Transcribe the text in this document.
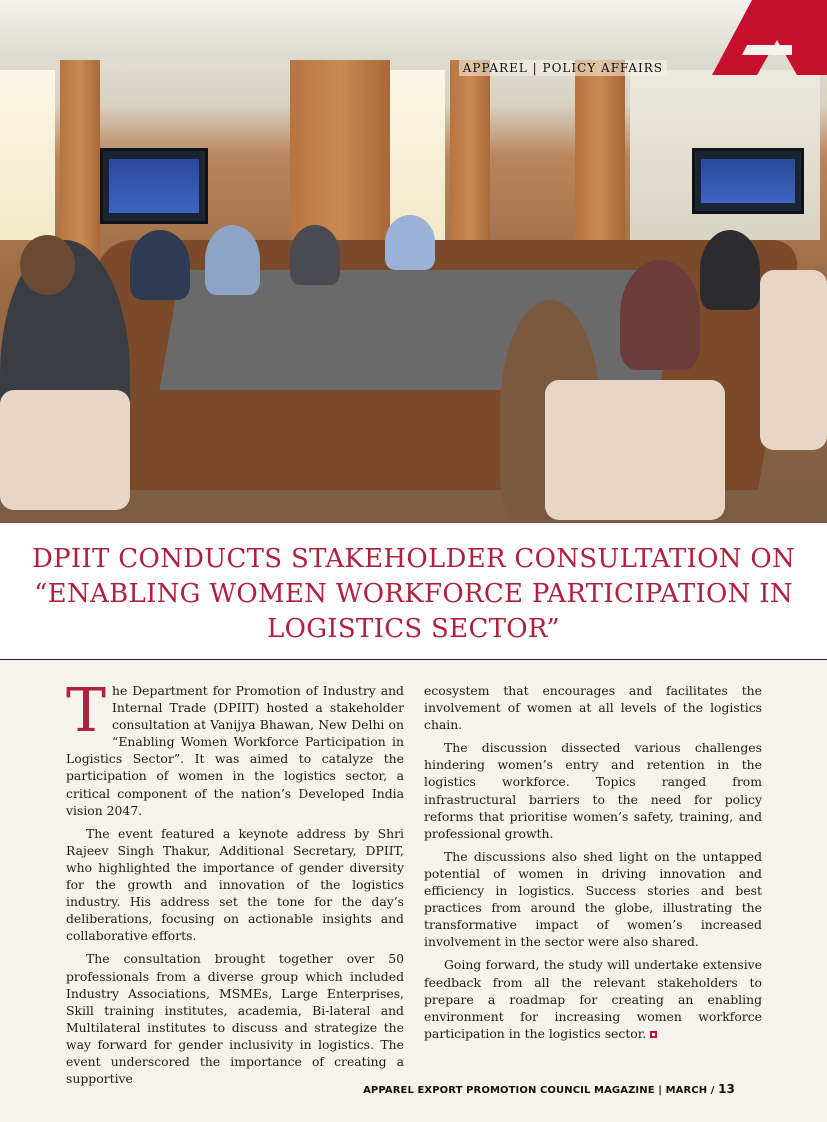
APPAREL | POLICY AFFAIRS
DPIIT CONDUCTS STAKEHOLDER CONSULTATION ON “ENABLING WOMEN WORKFORCE PARTICIPATION IN LOGISTICS SECTOR”

The Department for Promotion of Industry and Internal Trade (DPIIT) hosted a stakeholder consultation at Vanijya Bhawan, New Delhi on “Enabling Women Workforce Participation in Logistics Sector”. It was aimed to catalyze the participation of women in the logistics sector, a critical component of the nation’s Developed India vision 2047.

The event featured a keynote address by Shri Rajeev Singh Thakur, Additional Secretary, DPIIT, who highlighted the importance of gender diversity for the growth and innovation of the logistics industry. His address set the tone for the day’s deliberations, focusing on actionable insights and collaborative efforts.

The consultation brought together over 50 professionals from a diverse group which included Industry Associations, MSMEs, Large Enterprises, Skill training institutes, academia, Bi-lateral and Multilateral institutes to discuss and strategize the way forward for gender inclusivity in logistics. The event underscored the importance of creating a supportive

ecosystem that encourages and facilitates the involvement of women at all levels of the logistics chain.

The discussion dissected various challenges hindering women’s entry and retention in the logistics workforce. Topics ranged from infrastructural barriers to the need for policy reforms that prioritise women’s safety, training, and professional growth.

The discussions also shed light on the untapped potential of women in driving innovation and efficiency in logistics. Success stories and best practices from around the globe, illustrating the transformative impact of women’s increased involvement in the sector were also shared.

Going forward, the study will undertake extensive feedback from all the relevant stakeholders to prepare a roadmap for creating an enabling environment for increasing women workforce participation in the logistics sector.

APPAREL EXPORT PROMOTION COUNCIL MAGAZINE | MARCH / 13
